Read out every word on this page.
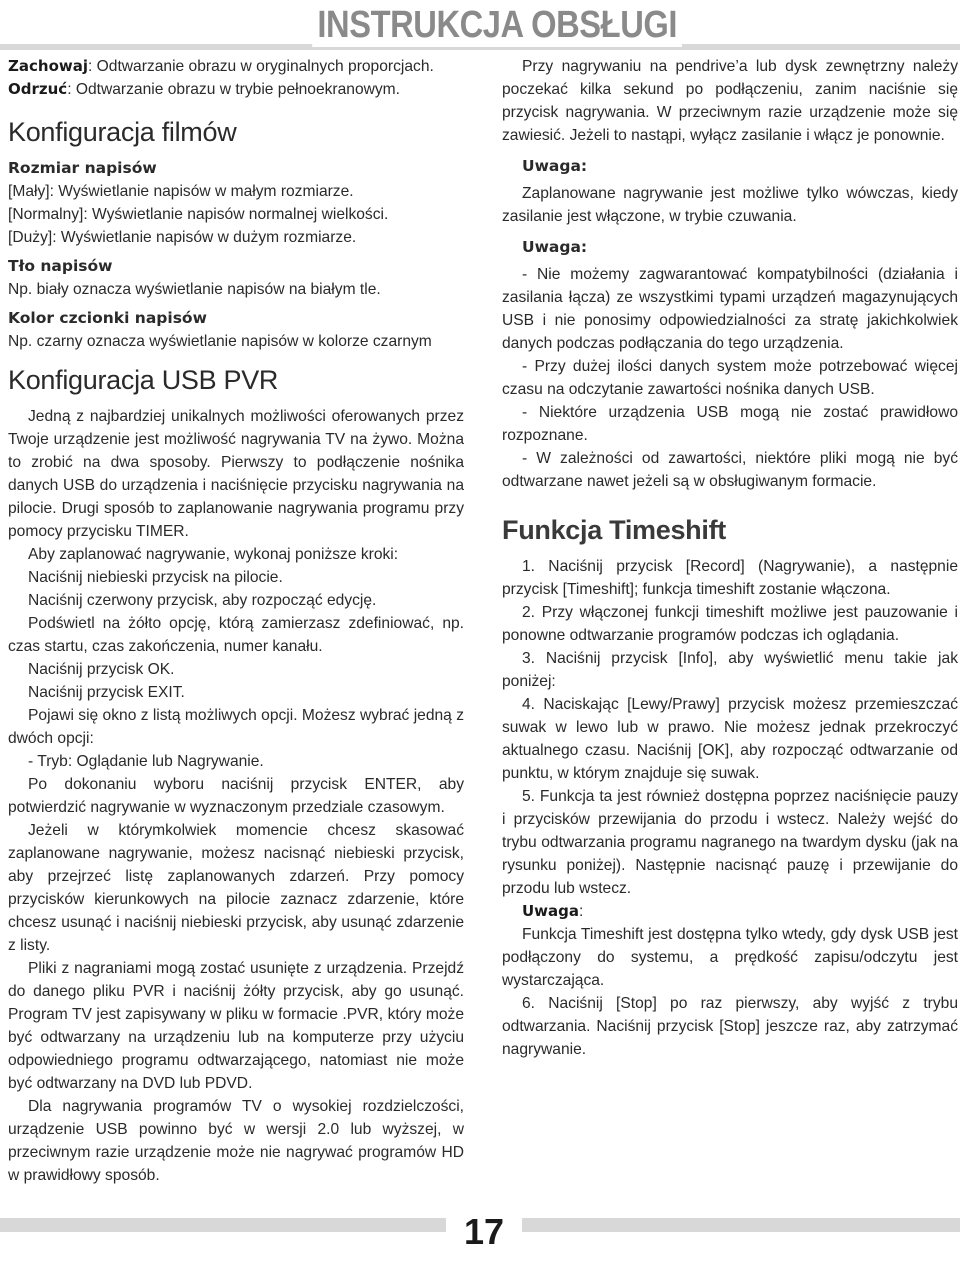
INSTRUKCJA OBSŁUGI

Zachowaj: Odtwarzanie obrazu w oryginalnych proporcjach.

Odrzuć: Odtwarzanie obrazu w trybie pełnoekranowym.

Konfiguracja filmów
Rozmiar napisów

[Mały]: Wyświetlanie napisów w małym rozmiarze.

[Normalny]: Wyświetlanie napisów normalnej wielkości.

[Duży]: Wyświetlanie napisów w dużym rozmiarze.

Tło napisów

Np. biały oznacza wyświetlanie napisów na białym tle.

Kolor czcionki napisów

Np. czarny oznacza wyświetlanie napisów w kolorze czarnym

Konfiguracja USB PVR

Jedną z najbardziej unikalnych możliwości oferowanych przez Twoje urządzenie jest możliwość nagrywania TV na żywo. Można to zrobić na dwa sposoby. Pierwszy to podłączenie nośnika danych USB do urządzenia i naciśnięcie przycisku nagrywania na pilocie. Drugi sposób to zaplanowanie nagrywania programu przy pomocy przycisku TIMER.

Aby zaplanować nagrywanie, wykonaj poniższe kroki:

Naciśnij niebieski przycisk na pilocie.

Naciśnij czerwony przycisk, aby rozpocząć edycję.

Podświetl na żółto opcję, którą zamierzasz zdefiniować, np. czas startu, czas zakończenia, numer kanału.

Naciśnij przycisk OK.

Naciśnij przycisk EXIT.

Pojawi się okno z listą możliwych opcji. Możesz wybrać jedną z dwóch opcji:

- Tryb: Oglądanie lub Nagrywanie.

Po dokonaniu wyboru naciśnij przycisk ENTER, aby potwierdzić nagrywanie w wyznaczonym przedziale czasowym.

Jeżeli w którymkolwiek momencie chcesz skasować zaplanowane nagrywanie, możesz nacisnąć niebieski przycisk, aby przejrzeć listę zaplanowanych zdarzeń. Przy pomocy przycisków kierunkowych na pilocie zaznacz zdarzenie, które chcesz usunąć i naciśnij niebieski przycisk, aby usunąć zdarzenie z listy.

Pliki z nagraniami mogą zostać usunięte z urządzenia. Przejdź do danego pliku PVR i naciśnij żółty przycisk, aby go usunąć. Program TV jest zapisywany w pliku w formacie .PVR, który może być odtwarzany na urządzeniu lub na komputerze przy użyciu odpowiedniego programu odtwarzającego, natomiast nie może być odtwarzany na DVD lub PDVD.

Dla nagrywania programów TV o wysokiej rozdzielczości, urządzenie USB powinno być w wersji 2.0 lub wyższej, w przeciwnym razie urządzenie może nie nagrywać programów HD w prawidłowy sposób.

Przy nagrywaniu na pendrive’a lub dysk zewnętrzny należy poczekać kilka sekund po podłączeniu, zanim naciśnie się przycisk nagrywania. W przeciwnym razie urządzenie może się zawiesić. Jeżeli to nastąpi, wyłącz zasilanie i włącz je ponownie.

Uwaga:

Zaplanowane nagrywanie jest możliwe tylko wówczas, kiedy zasilanie jest włączone, w trybie czuwania.

Uwaga:

- Nie możemy zagwarantować kompatybilności (działania i zasilania łącza) ze wszystkimi typami urządzeń magazynujących USB i nie ponosimy odpowiedzialności za stratę jakichkolwiek danych podczas podłączania do tego urządzenia.

- Przy dużej ilości danych system może potrzebować więcej czasu na odczytanie zawartości nośnika danych USB.

- Niektóre urządzenia USB mogą nie zostać prawidłowo rozpoznane.

- W zależności od zawartości, niektóre pliki mogą nie być odtwarzane nawet jeżeli są w obsługiwanym formacie.

Funkcja Timeshift

1. Naciśnij przycisk [Record] (Nagrywanie), a następnie przycisk [Timeshift]; funkcja timeshift zostanie włączona.

2. Przy włączonej funkcji timeshift możliwe jest pauzowanie i ponowne odtwarzanie programów podczas ich oglądania.

3. Naciśnij przycisk [Info], aby wyświetlić menu takie jak poniżej:

4. Naciskając [Lewy/Prawy] przycisk możesz przemieszczać suwak w lewo lub w prawo. Nie możesz jednak przekroczyć aktualnego czasu. Naciśnij [OK], aby rozpocząć odtwarzanie od punktu, w którym znajduje się suwak.

5. Funkcja ta jest również dostępna poprzez naciśnięcie pauzy i przycisków przewijania do przodu i wstecz. Należy wejść do trybu odtwarzania programu nagranego na twardym dysku (jak na rysunku poniżej). Następnie nacisnąć pauzę i przewijanie do przodu lub wstecz.

Uwaga:

Funkcja Timeshift jest dostępna tylko wtedy, gdy dysk USB jest podłączony do systemu, a prędkość zapisu/odczytu jest wystarczająca.

6. Naciśnij [Stop] po raz pierwszy, aby wyjść z trybu odtwarzania. Naciśnij przycisk [Stop] jeszcze raz, aby zatrzymać nagrywanie.

17
